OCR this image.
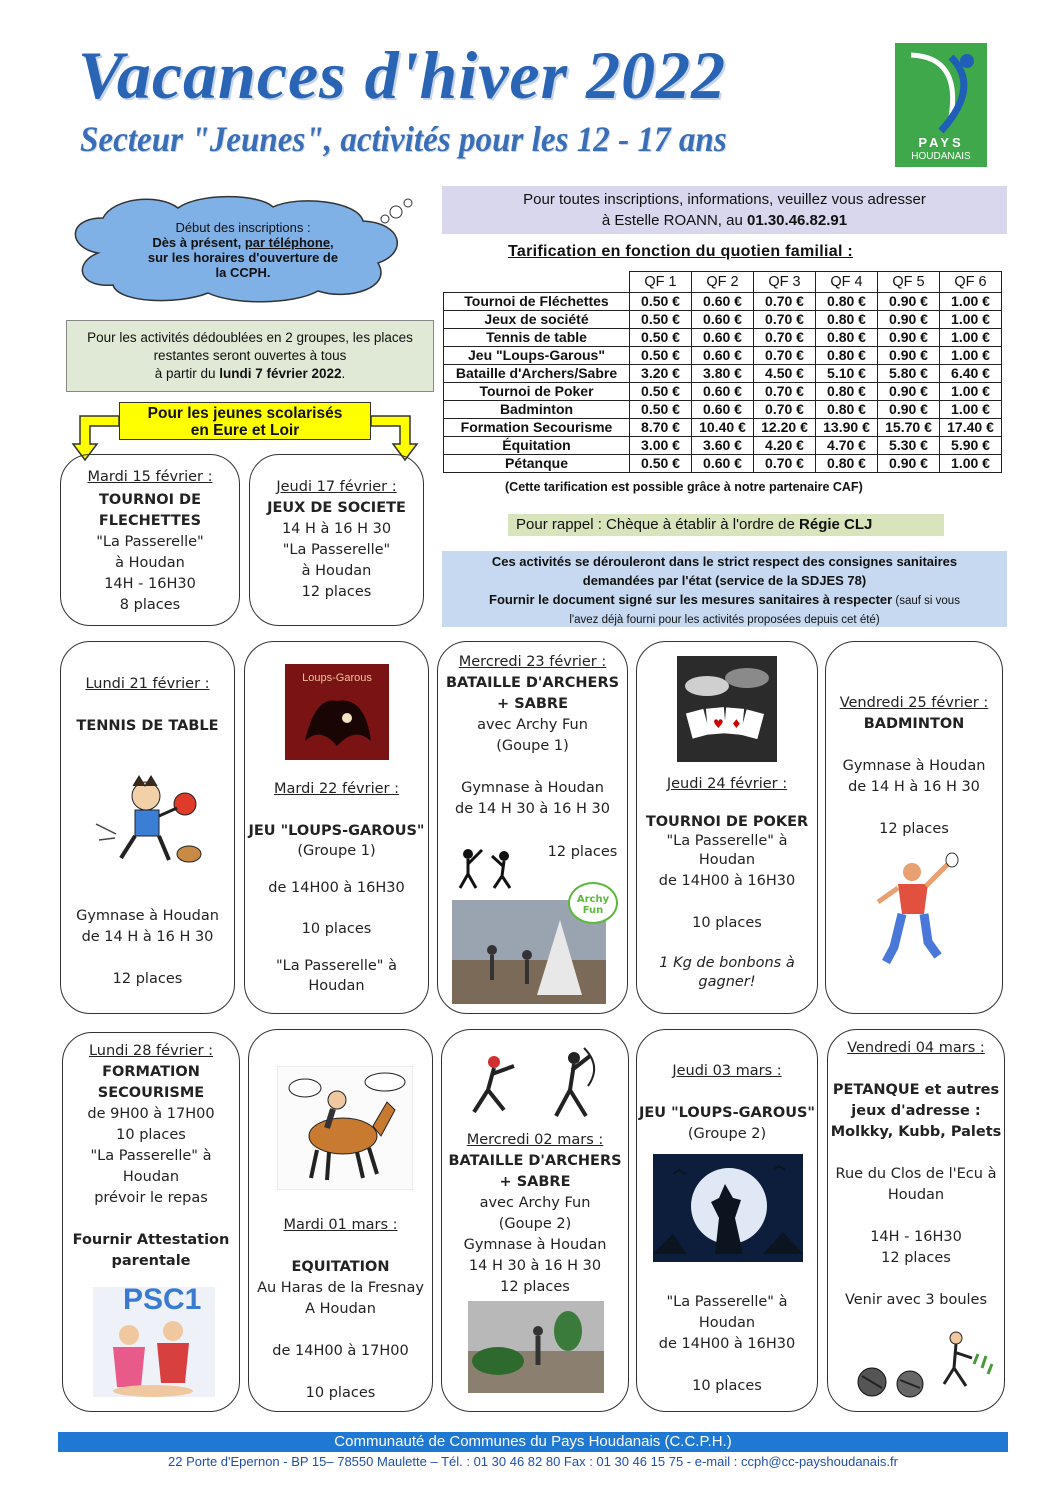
Vacances d'hiver 2022
Secteur "Jeunes", activités pour les 12 - 17 ans	PAYS
HOUDANAIS
Pour toutes inscriptions, informations, veuillez vous adresser
à Estelle ROANN, au 01.30.46.82.91
Tarification en fonction du quotien familial :
Début des inscriptions :
Dès à présent, par téléphone,
sur les horaires d'ouverture de
la CCPH.
Pour les activités dédoublées en 2 groupes, les places
restantes seront ouvertes à tous
à partir du lundi 7 février 2022.
Pour les jeunes scolarisés
en Eure et Loir
	QF 1	QF 2	QF 3	QF 4	QF 5	QF 6
Tournoi de Fléchettes	0.50 €	0.60 €	0.70 €	0.80 €	0.90 €	1.00 €
Jeux de société	0.50 €	0.60 €	0.70 €	0.80 €	0.90 €	1.00 €
Tennis de table	0.50 €	0.60 €	0.70 €	0.80 €	0.90 €	1.00 €
Jeu "Loups-Garous"	0.50 €	0.60 €	0.70 €	0.80 €	0.90 €	1.00 €
Bataille d'Archers/Sabre	3.20 €	3.80 €	4.50 €	5.10 €	5.80 €	6.40 €
Tournoi de Poker	0.50 €	0.60 €	0.70 €	0.80 €	0.90 €	1.00 €
Badminton	0.50 €	0.60 €	0.70 €	0.80 €	0.90 €	1.00 €
Formation Secourisme	8.70 €	10.40 €	12.20 €	13.90 €	15.70 €	17.40 €
Équitation	3.00 €	3.60 €	4.20 €	4.70 €	5.30 €	5.90 €
Pétanque	0.50 €	0.60 €	0.70 €	0.80 €	0.90 €	1.00 €
(Cette tarification est possible grâce à notre partenaire CAF)
Pour rappel : Chèque à établir à l'ordre de Régie CLJ
Ces activités se dérouleront dans le strict respect des consignes sanitaires
demandées par l'état (service de la SDJES 78)
Fournir le document signé sur les mesures sanitaires à respecter (sauf si vous
l'avez déjà fourni pour les activités proposées depuis cet été)
Mardi 15 février :
TOURNOI DE
FLECHETTES
"La Passerelle"
à Houdan
14H - 16H30
8 places
Jeudi 17 février :
JEUX DE SOCIETE
14 H à 16 H 30
"La Passerelle"
à Houdan
12 places
Lundi 21 février :
TENNIS DE TABLE
Gymnase à Houdan
de 14 H à 16 H 30
12 places
Loups-Garous
Mardi 22 février :
JEU "LOUPS-GAROUS"
(Groupe 1)
de 14H00 à 16H30
10 places
"La Passerelle" à
Houdan
Mercredi 23 février :
BATAILLE D'ARCHERS
+ SABRE
avec Archy Fun
(Goupe 1)
Gymnase à Houdan
de 14 H 30 à 16 H 30
12 places
Archy Fun
♥ ♦
Jeudi 24 février :
TOURNOI DE POKER
"La Passerelle" à
Houdan
de 14H00 à 16H30
10 places
1 Kg de bonbons à
gagner!
Vendredi 25 février :
BADMINTON
Gymnase à Houdan
de 14 H à 16 H 30
12 places
Lundi 28 février :
FORMATION
SECOURISME
de 9H00 à 17H00
10 places
"La Passerelle" à
Houdan
prévoir le repas
Fournir Attestation
parentale
PSC1
Mardi 01 mars :
EQUITATION
Au Haras de la Fresnay
A Houdan
de 14H00 à 17H00
10 places
Mercredi 02 mars :
BATAILLE D'ARCHERS
+ SABRE
avec Archy Fun
(Goupe 2)
Gymnase à Houdan
14 H 30 à 16 H 30
12 places
Jeudi 03 mars :
JEU "LOUPS-GAROUS"
(Groupe 2)
"La Passerelle" à
Houdan
de 14H00 à 16H30
10 places
Vendredi 04 mars :
PETANQUE et autres
jeux d'adresse :
Molkky, Kubb, Palets
Rue du Clos de l'Ecu à
Houdan
14H - 16H30
12 places
Venir avec 3 boules
Communauté de Communes du Pays Houdanais (C.C.P.H.)
22 Porte d'Epernon - BP 15– 78550 Maulette – Tél. : 01 30 46 82 80 Fax : 01 30 46 15 75 - e-mail : ccph@cc-payshoudanais.fr
